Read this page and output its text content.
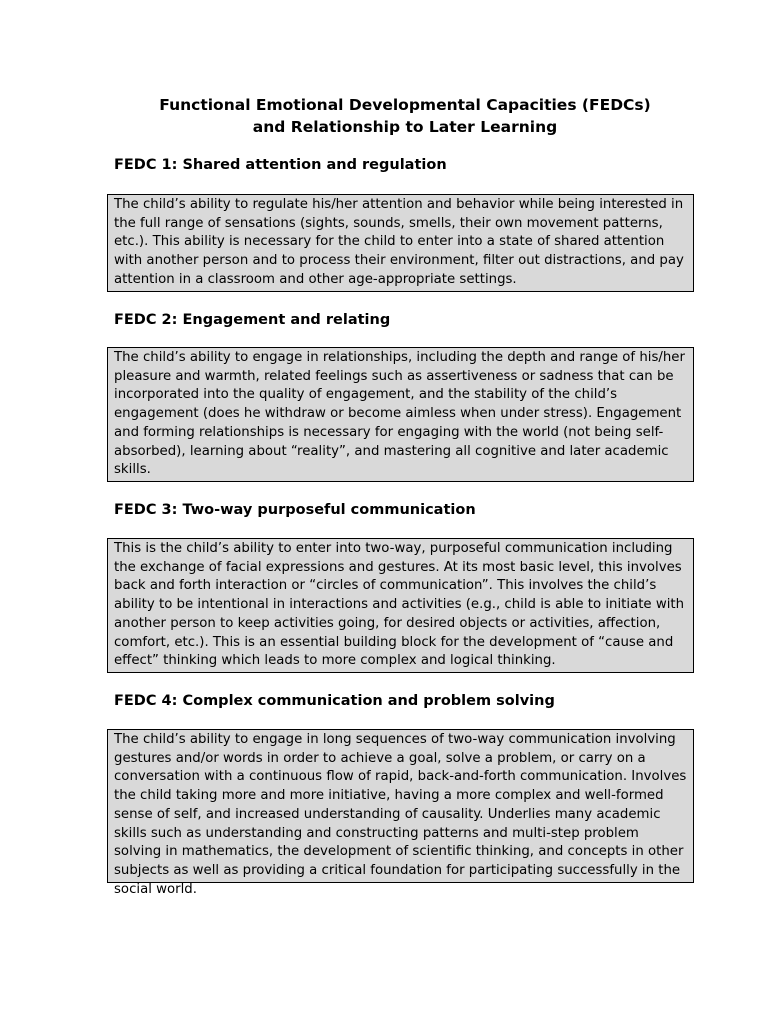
Functional Emotional Developmental Capacities (FEDCs)
and Relationship to Later Learning
FEDC 1: Shared attention and regulation

The child’s ability to regulate his/her attention and behavior while being interested in the full range of sensations (sights, sounds, smells, their own movement patterns, etc.). This ability is necessary for the child to enter into a state of shared attention with another person and to process their environment, filter out distractions, and pay attention in a classroom and other age-appropriate settings.

FEDC 2: Engagement and relating

The child’s ability to engage in relationships, including the depth and range of his/her pleasure and warmth, related feelings such as assertiveness or sadness that can be incorporated into the quality of engagement, and the stability of the child’s engagement (does he withdraw or become aimless when under stress). Engagement and forming relationships is necessary for engaging with the world (not being self-absorbed), learning about “reality”, and mastering all cognitive and later academic skills.

FEDC 3: Two-way purposeful communication

This is the child’s ability to enter into two-way, purposeful communication including the exchange of facial expressions and gestures. At its most basic level, this involves back and forth interaction or “circles of communication”. This involves the child’s ability to be intentional in interactions and activities (e.g., child is able to initiate with another person to keep activities going, for desired objects or activities, affection, comfort, etc.). This is an essential building block for the development of “cause and effect” thinking which leads to more complex and logical thinking.

FEDC 4: Complex communication and problem solving

The child’s ability to engage in long sequences of two-way communication involving gestures and/or words in order to achieve a goal, solve a problem, or carry on a conversation with a continuous flow of rapid, back-and-forth communication. Involves the child taking more and more initiative, having a more complex and well-formed sense of self, and increased understanding of causality. Underlies many academic skills such as understanding and constructing patterns and multi-step problem solving in mathematics, the development of scientific thinking, and concepts in other subjects as well as providing a critical foundation for participating successfully in the social world.
